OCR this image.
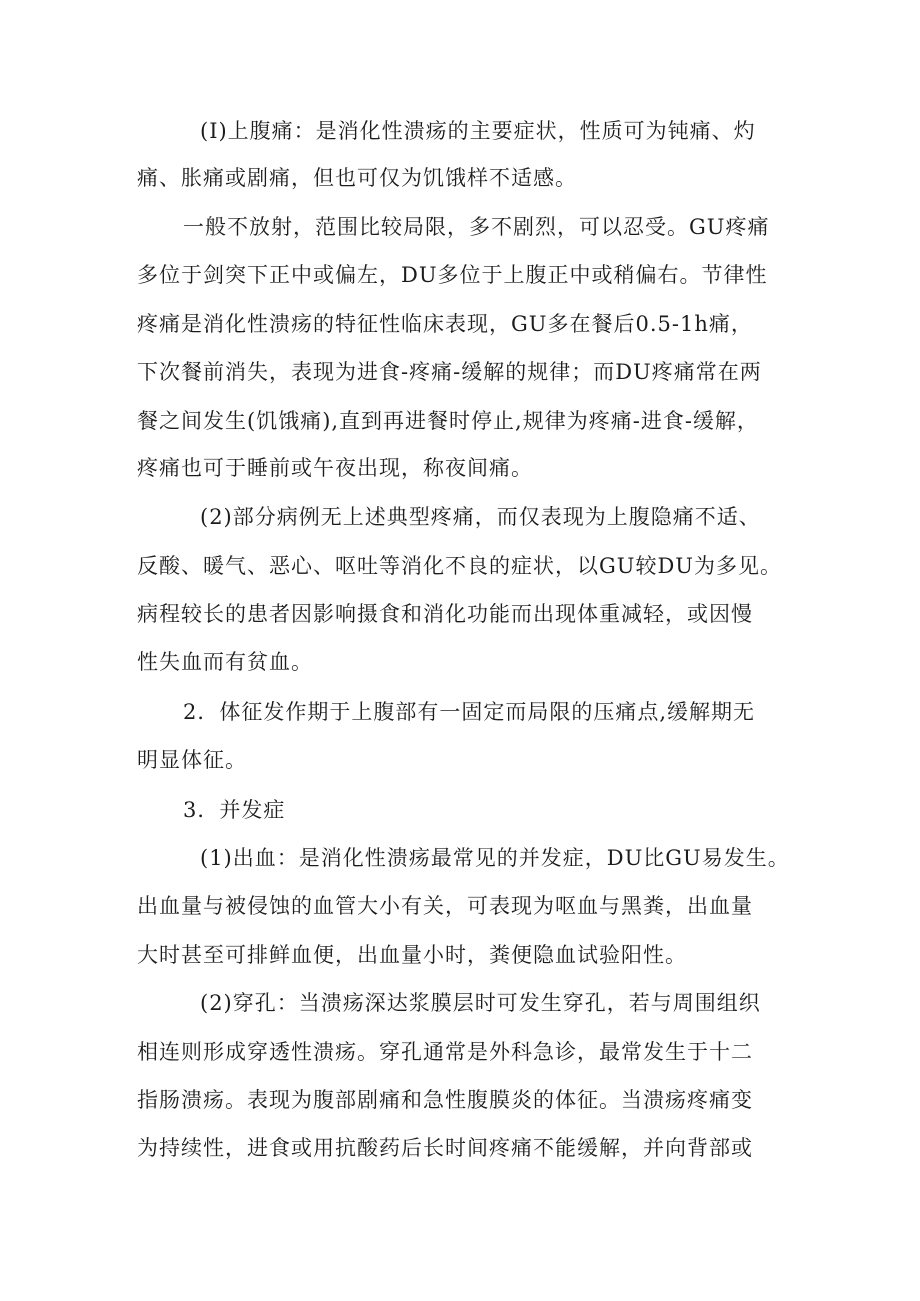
(I)上腹痛：是消化性溃疡的主要症状，性质可为钝痛、灼
痛、胀痛或剧痛，但也可仅为饥饿样不适感。
一般不放射，范围比较局限，多不剧烈，可以忍受。GU疼痛
多位于剑突下正中或偏左，DU多位于上腹正中或稍偏右。节律性
疼痛是消化性溃疡的特征性临床表现，GU多在餐后0.5-1h痛，
下次餐前消失，表现为进食-疼痛-缓解的规律；而DU疼痛常在两
餐之间发生(饥饿痛),直到再进餐时停止,规律为疼痛-进食-缓解，
疼痛也可于睡前或午夜出现，称夜间痛。
(2)部分病例无上述典型疼痛，而仅表现为上腹隐痛不适、
反酸、暖气、恶心、呕吐等消化不良的症状，以GU较DU为多见。
病程较长的患者因影响摄食和消化功能而出现体重减轻，或因慢
性失血而有贫血。
2．体征发作期于上腹部有一固定而局限的压痛点,缓解期无
明显体征。
3．并发症
(1)出血：是消化性溃疡最常见的并发症，DU比GU易发生。
出血量与被侵蚀的血管大小有关，可表现为呕血与黑粪，出血量
大时甚至可排鲜血便，出血量小时，粪便隐血试验阳性。
(2)穿孔：当溃疡深达浆膜层时可发生穿孔，若与周围组织
相连则形成穿透性溃疡。穿孔通常是外科急诊，最常发生于十二
指肠溃疡。表现为腹部剧痛和急性腹膜炎的体征。当溃疡疼痛变
为持续性，进食或用抗酸药后长时间疼痛不能缓解，并向背部或
